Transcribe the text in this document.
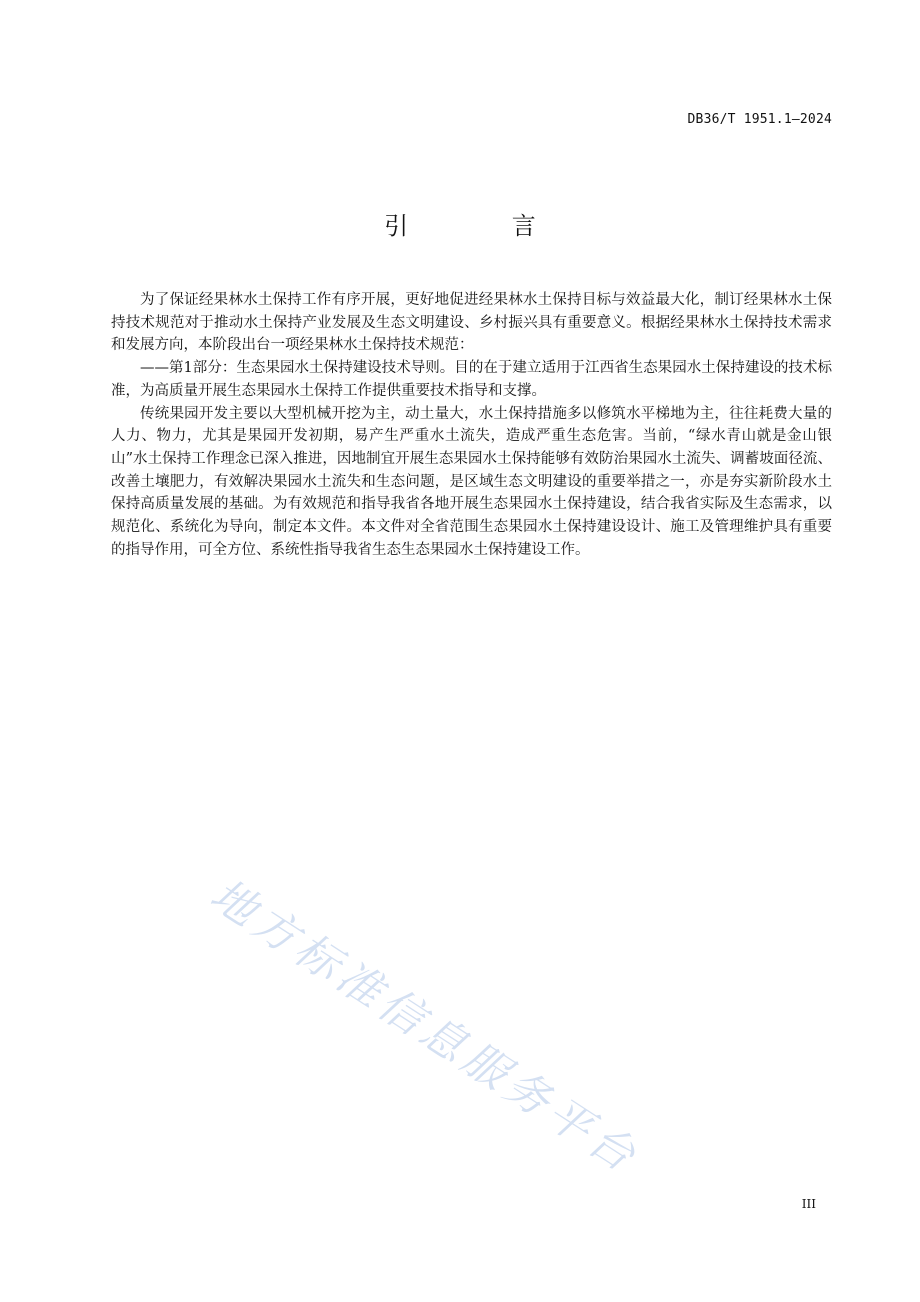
DB36/T 1951.1—2024
引 言

为了保证经果林水土保持工作有序开展，更好地促进经果林水土保持目标与效益最大化，制订经果林水土保持技术规范对于推动水土保持产业发展及生态文明建设、乡村振兴具有重要意义。根据经果林水土保持技术需求和发展方向，本阶段出台一项经果林水土保持技术规范：

——第1部分：生态果园水土保持建设技术导则。目的在于建立适用于江西省生态果园水土保持建设的技术标准，为高质量开展生态果园水土保持工作提供重要技术指导和支撑。

传统果园开发主要以大型机械开挖为主，动土量大，水土保持措施多以修筑水平梯地为主，往往耗费大量的人力、物力，尤其是果园开发初期，易产生严重水土流失，造成严重生态危害。当前，“绿水青山就是金山银山”水土保持工作理念已深入推进，因地制宜开展生态果园水土保持能够有效防治果园水土流失、调蓄坡面径流、改善土壤肥力，有效解决果园水土流失和生态问题，是区域生态文明建设的重要举措之一，亦是夯实新阶段水土保持高质量发展的基础。为有效规范和指导我省各地开展生态果园水土保持建设，结合我省实际及生态需求，以规范化、系统化为导向，制定本文件。本文件对全省范围生态果园水土保持建设设计、施工及管理维护具有重要的指导作用，可全方位、系统性指导我省生态生态果园水土保持建设工作。

地方标准信息服务平台
III
